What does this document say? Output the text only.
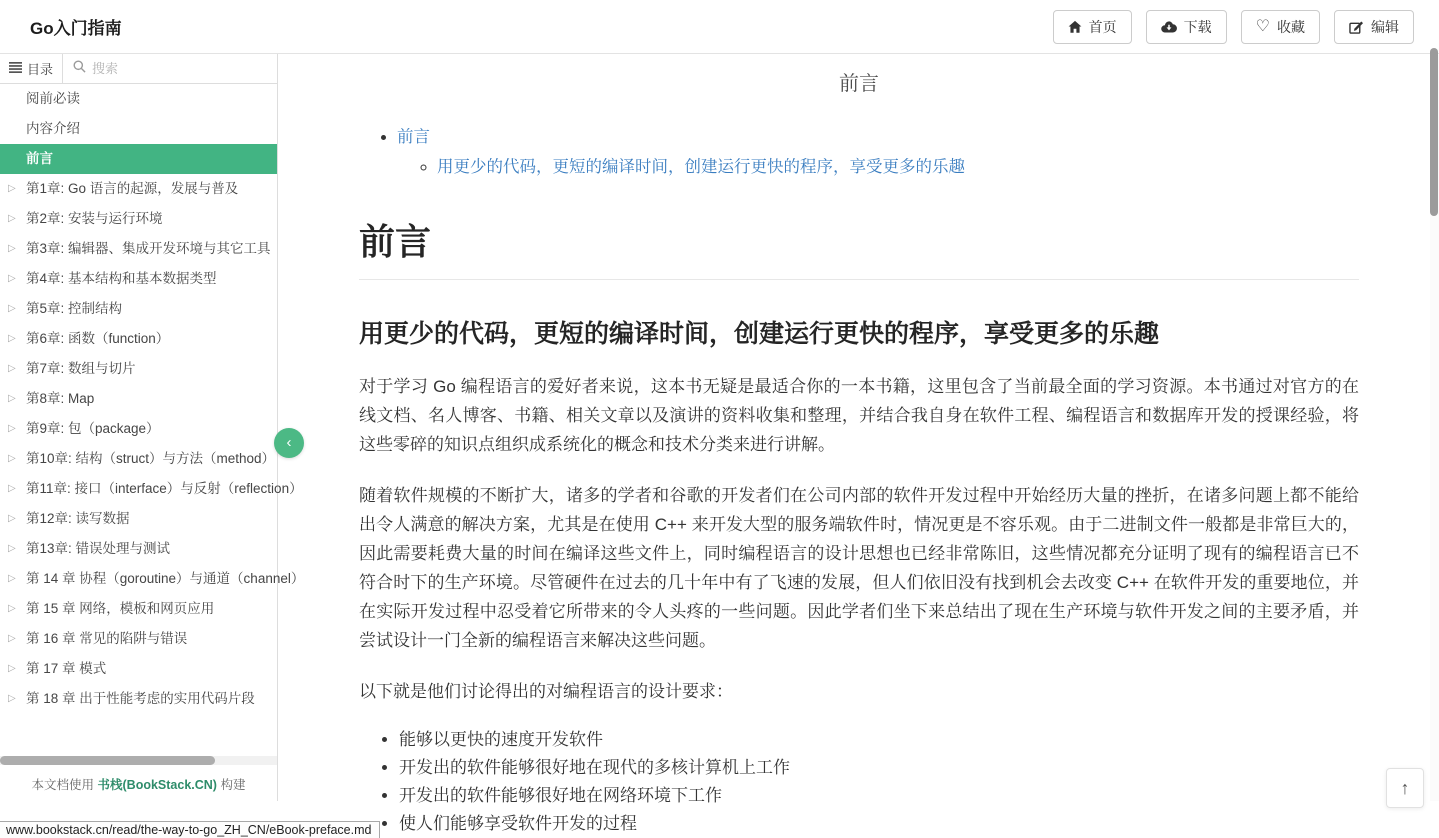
Go入门指南	首页	下载	♡ 收藏	编辑
目录
搜索
阅前必读
内容介绍
前言
▷ 第1章: Go 语言的起源，发展与普及
▷ 第2章: 安装与运行环境
▷ 第3章: 编辑器、集成开发环境与其它工具
▷ 第4章: 基本结构和基本数据类型
▷ 第5章: 控制结构
▷ 第6章: 函数（function）
▷ 第7章: 数组与切片
▷ 第8章: Map
▷ 第9章: 包（package）
▷ 第10章: 结构（struct）与方法（method）
▷ 第11章: 接口（interface）与反射（reflection）
▷ 第12章: 读写数据
▷ 第13章: 错误处理与测试
▷ 第 14 章 协程（goroutine）与通道（channel）
▷ 第 15 章 网络，模板和网页应用
▷ 第 16 章 常见的陷阱与错误
▷ 第 17 章 模式
▷ 第 18 章 出于性能考虑的实用代码片段
本文档使用 书栈(BookStack.CN) 构建
‹
前言
• 前言
◦ 用更少的代码，更短的编译时间，创建运行更快的程序，享受更多的乐趣
前言
用更少的代码，更短的编译时间，创建运行更快的程序，享受更多的乐趣

对于学习 Go 编程语言的爱好者来说，这本书无疑是最适合你的一本书籍，这里包含了当前最全面的学习资源。本书通过对官方的在线文档、名人博客、书籍、相关文章以及演讲的资料收集和整理，并结合我自身在软件工程、编程语言和数据库开发的授课经验，将这些零碎的知识点组织成系统化的概念和技术分类来进行讲解。

随着软件规模的不断扩大，诸多的学者和谷歌的开发者们在公司内部的软件开发过程中开始经历大量的挫折，在诸多问题上都不能给出令人满意的解决方案，尤其是在使用 C++ 来开发大型的服务端软件时，情况更是不容乐观。由于二进制文件一般都是非常巨大的，因此需要耗费大量的时间在编译这些文件上，同时编程语言的设计思想也已经非常陈旧，这些情况都充分证明了现有的编程语言已不符合时下的生产环境。尽管硬件在过去的几十年中有了飞速的发展，但人们依旧没有找到机会去改变 C++ 在软件开发的重要地位，并在实际开发过程中忍受着它所带来的令人头疼的一些问题。因此学者们坐下来总结出了现在生产环境与软件开发之间的主要矛盾，并尝试设计一门全新的编程语言来解决这些问题。

以下就是他们讨论得出的对编程语言的设计要求：

• 能够以更快的速度开发软件
• 开发出的软件能够很好地在现代的多核计算机上工作
• 开发出的软件能够很好地在网络环境下工作
• 使人们能够享受软件开发的过程
↑
www.bookstack.cn/read/the-way-to-go_ZH_CN/eBook-preface.md
